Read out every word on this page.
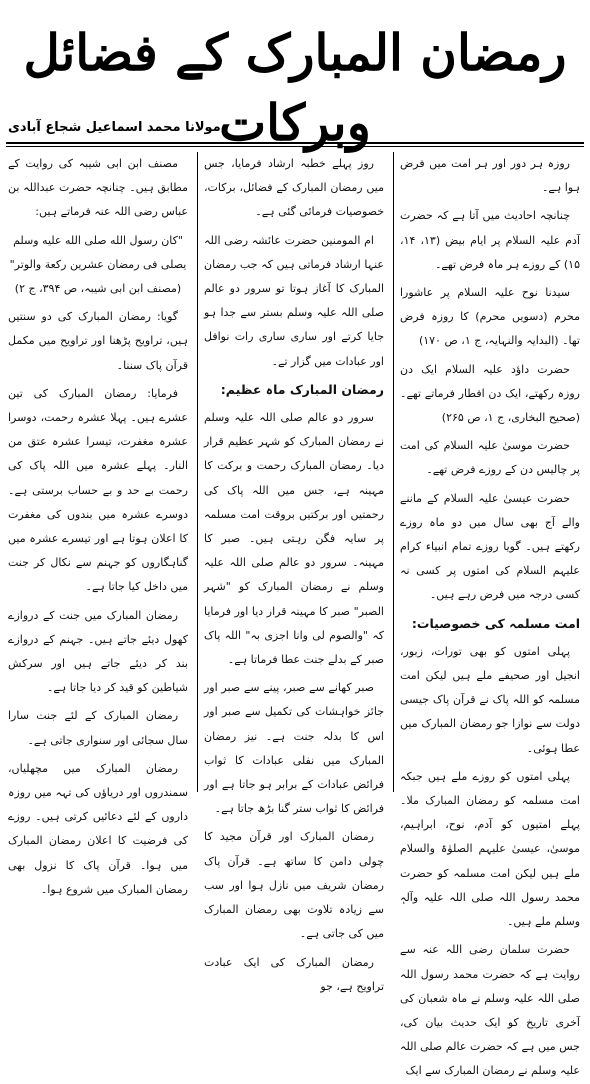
رمضان المبارک کے فضائل وبرکات
مولانا محمد اسماعیل شجاع آبادی

روزہ ہر دور اور ہر امت میں فرض ہوا ہے۔

چنانچہ احادیث میں آتا ہے کہ حضرت آدم علیہ السلام پر ایام بیض (۱۳، ۱۴، ۱۵) کے روزے ہر ماہ فرض تھے۔

سیدنا نوح علیہ السلام پر عاشورا محرم (دسویں محرم) کا روزہ فرض تھا۔ (البدایہ والنہایہ، ج ۱، ص ۱۷۰)

حضرت داؤد علیہ السلام ایک دن روزہ رکھتے، ایک دن افطار فرماتے تھے۔ (صحیح البخاری، ج ۱، ص ۲۶۵)

حضرت موسیٰ علیہ السلام کی امت پر چالیس دن کے روزے فرض تھے۔

حضرت عیسیٰ علیہ السلام کے ماننے والے آج بھی سال میں دو ماہ روزے رکھتے ہیں۔ گویا روزے تمام انبیاء کرام علیہم السلام کی امتوں پر کسی نہ کسی درجہ میں فرض رہے ہیں۔

امت مسلمہ کی خصوصیات:

پہلی امتوں کو بھی تورات، زبور، انجیل اور صحیفے ملے ہیں لیکن امت مسلمہ کو اللہ پاک نے قرآن پاک جیسی دولت سے نوازا جو رمضان المبارک میں عطا ہوئی۔

پہلی امتوں کو روزے ملے ہیں جبکہ امت مسلمہ کو رمضان المبارک ملا۔ پہلے امتیوں کو آدم، نوح، ابراہیم، موسیٰ، عیسیٰ علیہم الصلوٰۃ والسلام ملے ہیں لیکن امت مسلمہ کو حضرت محمد رسول اللہ صلی اللہ علیہ وآلہٖ وسلم ملے ہیں۔

حضرت سلمان رضی اللہ عنہ سے روایت ہے کہ حضرت محمد رسول اللہ صلی اللہ علیہ وسلم نے ماہ شعبان کی آخری تاریخ کو ایک حدیث بیان کی، جس میں ہے کہ حضرت عالم صلی اللہ علیہ وسلم نے رمضان المبارک سے ایک

روز پہلے خطبہ ارشاد فرمایا، جس میں رمضان المبارک کے فضائل، برکات، خصوصیات فرمائی گئی ہے۔

ام المومنین حضرت عائشہ رضی اللہ عنہا ارشاد فرماتی ہیں کہ جب رمضان المبارک کا آغاز ہوتا تو سرور دو عالم صلی اللہ علیہ وسلم بستر سے جدا ہو جایا کرتے اور ساری ساری رات نوافل اور عبادات میں گزار تے۔

رمضان المبارک ماہ عظیم:

سرور دو عالم صلی اللہ علیہ وسلم نے رمضان المبارک کو شہر عظیم قرار دیا۔ رمضان المبارک رحمت و برکت کا مہینہ ہے، جس میں اللہ پاک کی رحمتیں اور برکتیں بروقت امت مسلمہ پر سایہ فگن رہتی ہیں۔ صبر کا مہینہ۔ سرور دو عالم صلی اللہ علیہ وسلم نے رمضان المبارک کو "شہر الصبر" صبر کا مہینہ قرار دیا اور فرمایا کہ "والصوم لی وانا اجزی بہ" اللہ پاک صبر کے بدلے جنت عطا فرماتا ہے۔

صبر کھانے سے صبر، پینے سے صبر اور جائز خواہشات کی تکمیل سے صبر اور اس کا بدلہ جنت ہے۔ نیز رمضان المبارک میں نفلی عبادات کا ثواب فرائض عبادات کے برابر ہو جاتا ہے اور فرائض کا ثواب ستر گنا بڑھ جاتا ہے۔

رمضان المبارک اور قرآن مجید کا چولی دامن کا ساتھ ہے۔ قرآن پاک رمضان شریف میں نازل ہوا اور سب سے زیادہ تلاوت بھی رمضان المبارک میں کی جاتی ہے۔

رمضان المبارک کی ایک عبادت تراویح ہے، جو

مصنف ابن ابی شیبہ کی روایت کے مطابق ہیں۔ چنانچہ حضرت عبداللہ بن عباس رضی اللہ عنہ فرماتے ہیں:

"کان رسول الله صلی الله علیه وسلم یصلی فی رمضان عشرین رکعة والوتر" (مصنف ابن ابی شیبہ، ص ۳۹۴، ج ۲)

گویا: رمضان المبارک کی دو سنتیں ہیں، تراویح پڑھنا اور تراویح میں مکمل قرآن پاک سننا۔

فرمایا: رمضان المبارک کی تین عشرے ہیں۔ پہلا عشرہ رحمت، دوسرا عشرہ مغفرت، تیسرا عشرہ عتق من النار۔ پہلے عشرہ میں اللہ پاک کی رحمت بے حد و بے حساب برستی ہے۔ دوسرے عشرہ میں بندوں کی مغفرت کا اعلان ہوتا ہے اور تیسرے عشرہ میں گناہگاروں کو جہنم سے نکال کر جنت میں داخل کیا جاتا ہے۔

رمضان المبارک میں جنت کے دروازے کھول دیئے جاتے ہیں۔ جہنم کے دروازے بند کر دیئے جاتے ہیں اور سرکش شیاطین کو قید کر دیا جاتا ہے۔

رمضان المبارک کے لئے جنت سارا سال سجائی اور سنواری جاتی ہے۔

رمضان المبارک میں مچھلیاں، سمندروں اور دریاؤں کی تہہ میں روزہ داروں کے لئے دعائیں کرتی ہیں۔ روزے کی فرضیت کا اعلان رمضان المبارک میں ہوا۔ قرآن پاک کا نزول بھی رمضان المبارک میں شروع ہوا۔
